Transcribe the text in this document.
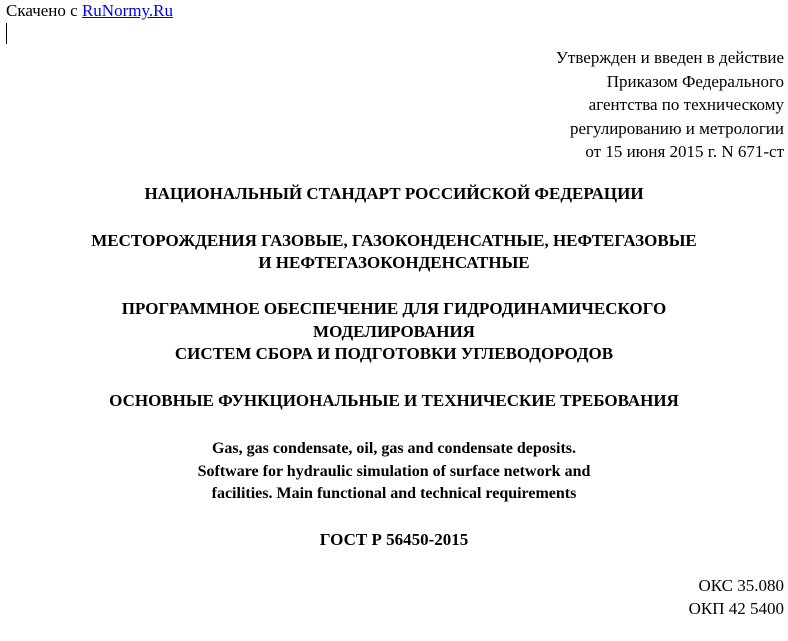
Скачено с RuNormy.Ru
Утвержден и введен в действие
Приказом Федерального
агентства по техническому
регулированию и метрологии
от 15 июня 2015 г. N 671-ст
НАЦИОНАЛЬНЫЙ СТАНДАРТ РОССИЙСКОЙ ФЕДЕРАЦИИ
МЕСТОРОЖДЕНИЯ ГАЗОВЫЕ, ГАЗОКОНДЕНСАТНЫЕ, НЕФТЕГАЗОВЫЕ
И НЕФТЕГАЗОКОНДЕНСАТНЫЕ
ПРОГРАММНОЕ ОБЕСПЕЧЕНИЕ ДЛЯ ГИДРОДИНАМИЧЕСКОГО
МОДЕЛИРОВАНИЯ
СИСТЕМ СБОРА И ПОДГОТОВКИ УГЛЕВОДОРОДОВ
ОСНОВНЫЕ ФУНКЦИОНАЛЬНЫЕ И ТЕХНИЧЕСКИЕ ТРЕБОВАНИЯ
Gas, gas condensate, oil, gas and condensate deposits.
Software for hydraulic simulation of surface network and
facilities. Main functional and technical requirements
ГОСТ Р 56450-2015
ОКС 35.080
ОКП 42 5400
